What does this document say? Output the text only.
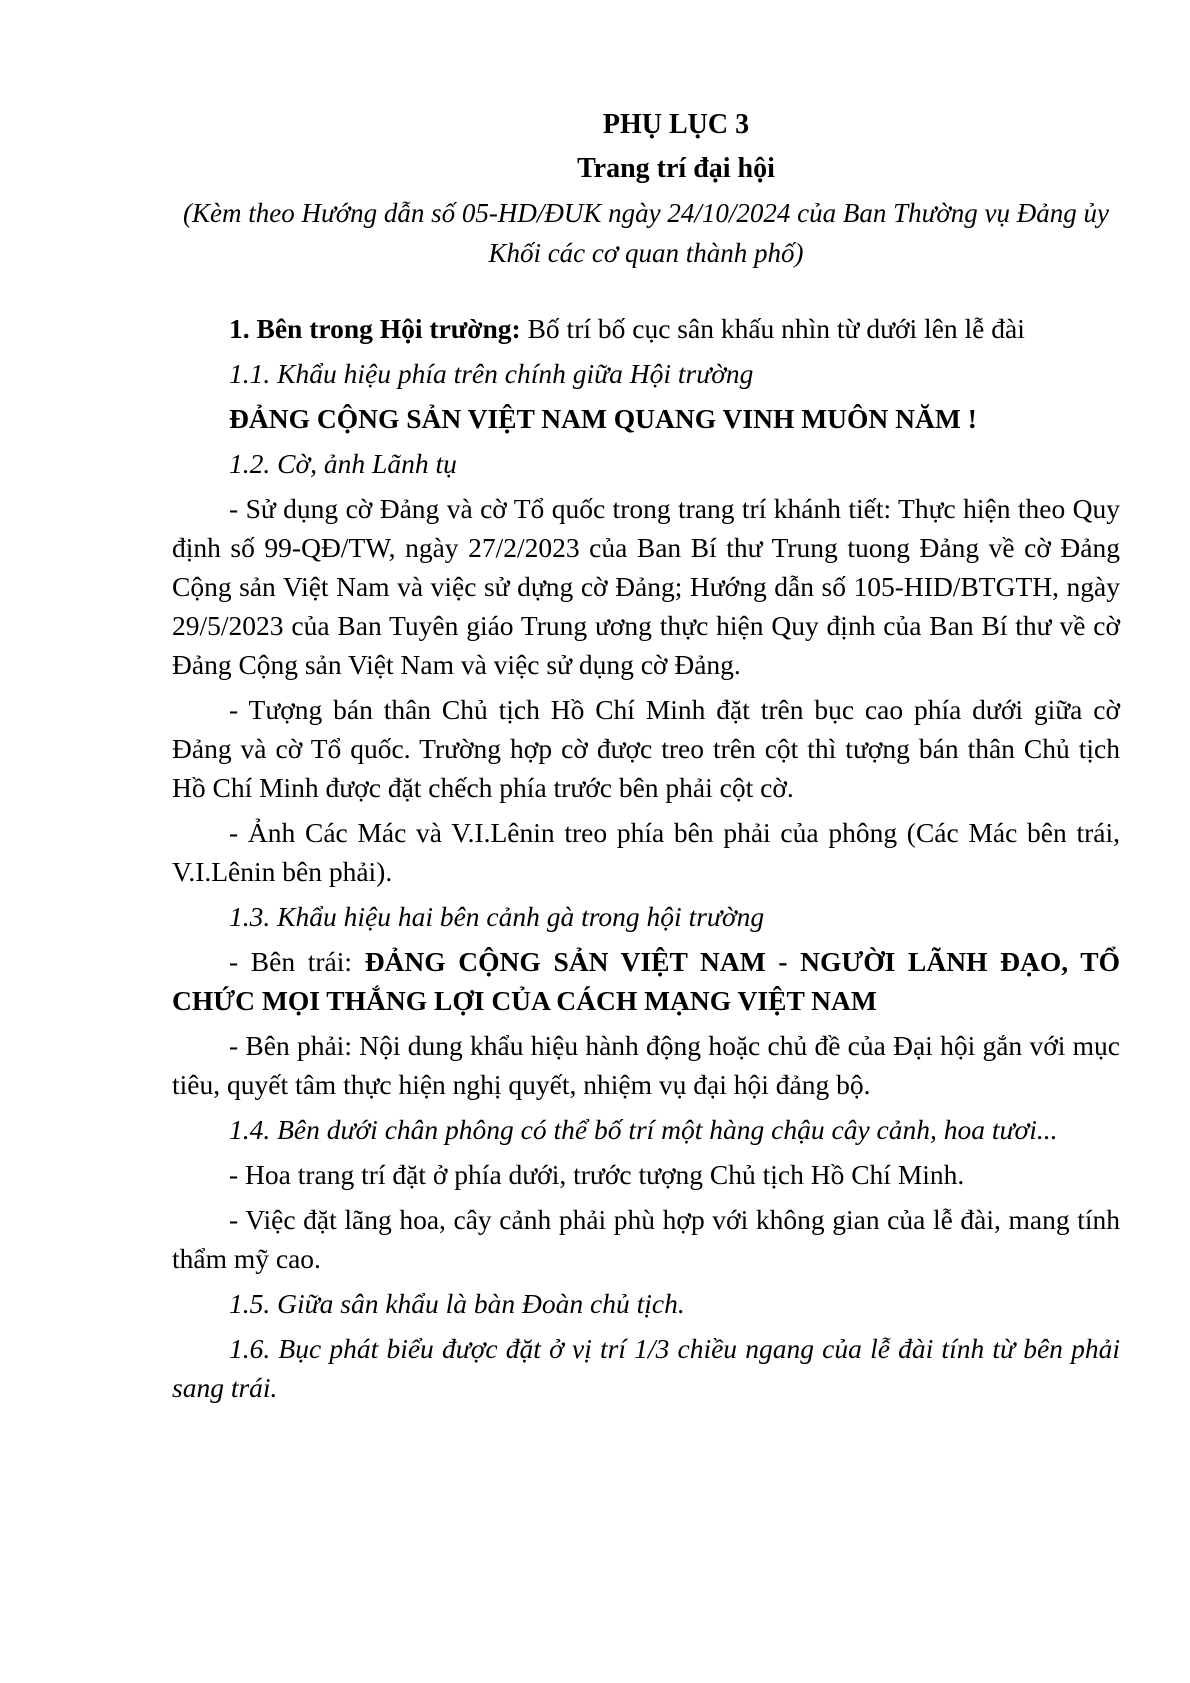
PHỤ LỤC 3

Trang trí đại hội

(Kèm theo Hướng dẫn số 05-HD/ĐUK ngày 24/10/2024 của Ban Thường vụ Đảng ủy Khối các cơ quan thành phố)

1. Bên trong Hội trường: Bố trí bố cục sân khấu nhìn từ dưới lên lễ đài

1.1. Khẩu hiệu phía trên chính giữa Hội trường

ĐẢNG CỘNG SẢN VIỆT NAM QUANG VINH MUÔN NĂM !

1.2. Cờ, ảnh Lãnh tụ

- Sử dụng cờ Đảng và cờ Tổ quốc trong trang trí khánh tiết: Thực hiện theo Quy định số 99-QĐ/TW, ngày 27/2/2023 của Ban Bí thư Trung tuong Đảng về cờ Đảng Cộng sản Việt Nam và việc sử dựng cờ Đảng; Hướng dẫn số 105-HID/BTGTH, ngày 29/5/2023 của Ban Tuyên giáo Trung ương thực hiện Quy định của Ban Bí thư về cờ Đảng Cộng sản Việt Nam và việc sử dụng cờ Đảng.

- Tượng bán thân Chủ tịch Hồ Chí Minh đặt trên bục cao phía dưới giữa cờ Đảng và cờ Tổ quốc. Trường hợp cờ được treo trên cột thì tượng bán thân Chủ tịch Hồ Chí Minh được đặt chếch phía trước bên phải cột cờ.

- Ảnh Các Mác và V.I.Lênin treo phía bên phải của phông (Các Mác bên trái, V.I.Lênin bên phải).

1.3. Khẩu hiệu hai bên cảnh gà trong hội trường

- Bên trái: ĐẢNG CỘNG SẢN VIỆT NAM - NGƯỜI LÃNH ĐẠO, TỔ CHỨC MỌI THẮNG LỢI CỦA CÁCH MẠNG VIỆT NAM

- Bên phải: Nội dung khẩu hiệu hành động hoặc chủ đề của Đại hội gắn với mục tiêu, quyết tâm thực hiện nghị quyết, nhiệm vụ đại hội đảng bộ.

1.4. Bên dưới chân phông có thể bố trí một hàng chậu cây cảnh, hoa tươi...

- Hoa trang trí đặt ở phía dưới, trước tượng Chủ tịch Hồ Chí Minh.

- Việc đặt lãng hoa, cây cảnh phải phù hợp với không gian của lễ đài, mang tính thẩm mỹ cao.

1.5. Giữa sân khẩu là bàn Đoàn chủ tịch.

1.6. Bục phát biểu được đặt ở vị trí 1/3 chiều ngang của lễ đài tính từ bên phải sang trái.
